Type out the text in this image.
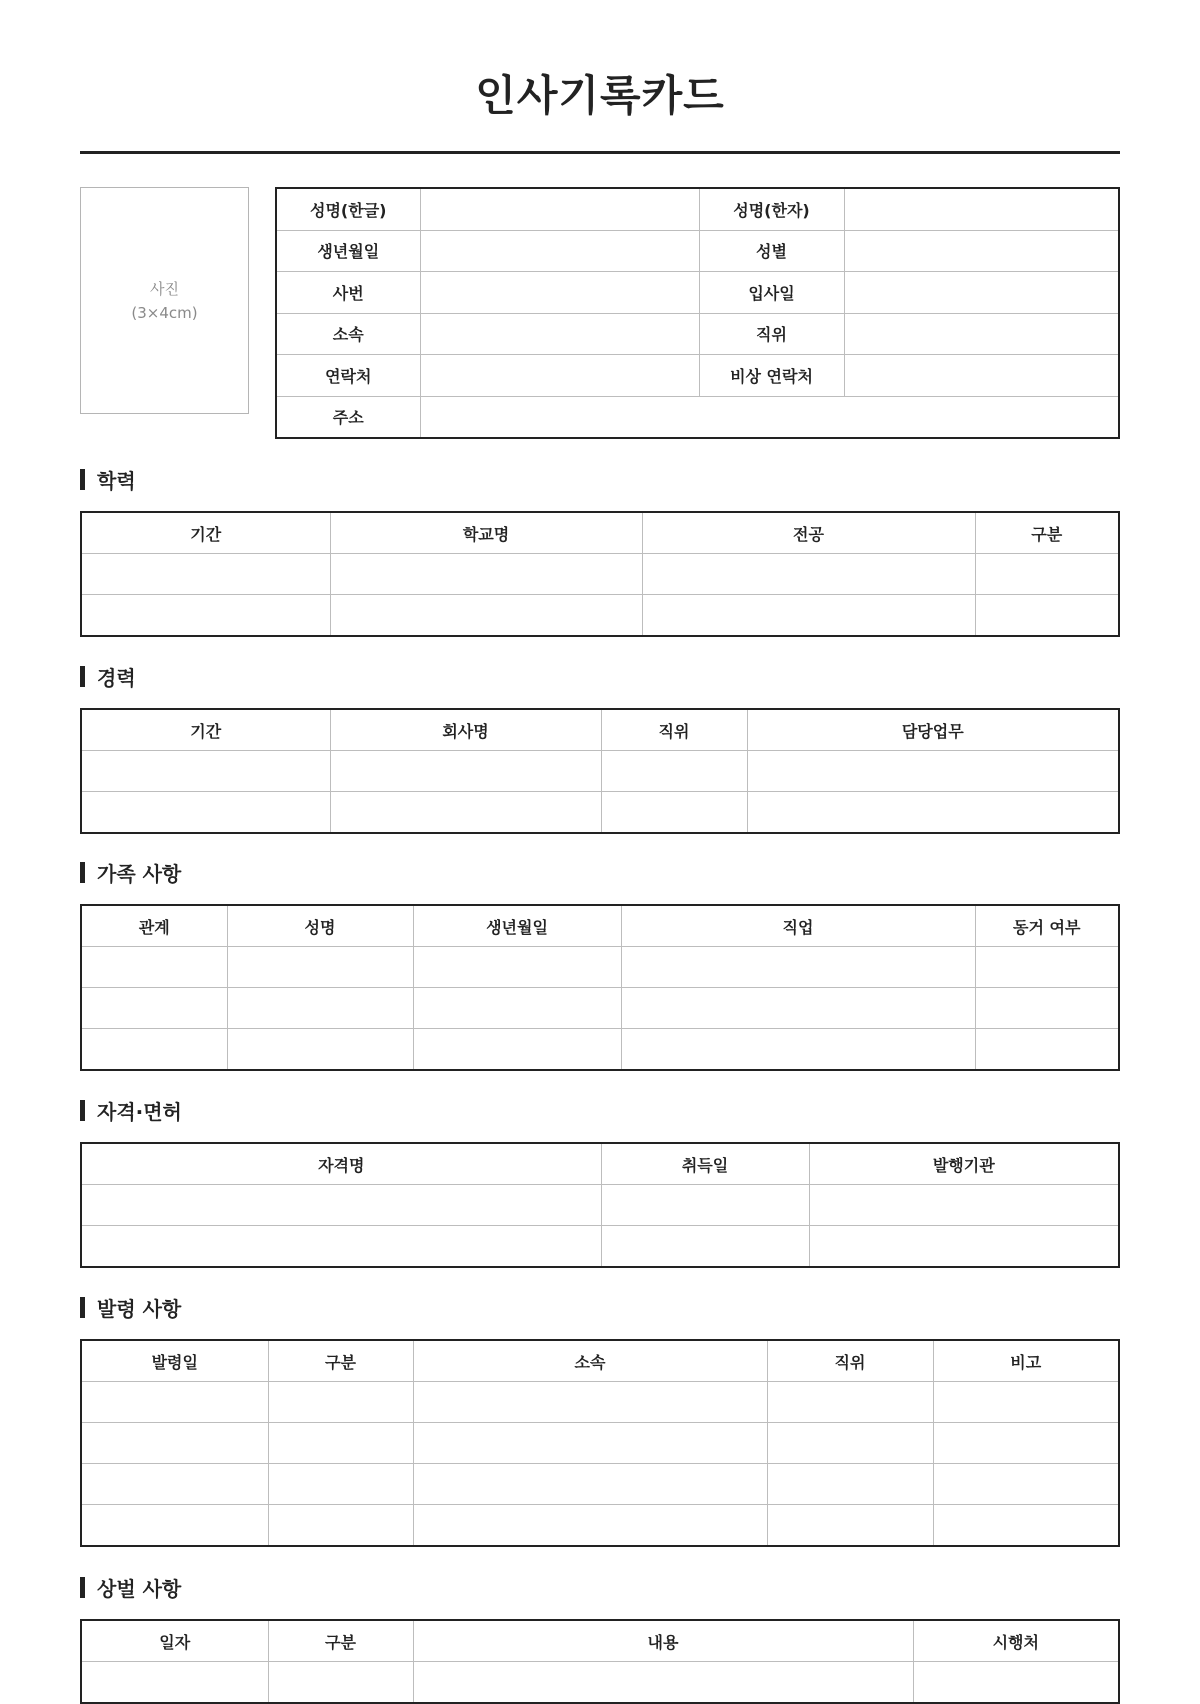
인사기록카드
사진
(3×4cm)
성명(한글)		성명(한자)	
생년월일		성별	
사번		입사일	
소속		직위	
연락처		비상 연락처	
주소			
학력
기간	학교명	전공	구분

경력
기간	회사명	직위	담당업무

가족 사항
관계	성명	생년월일	직업	동거 여부

자격·면허
자격명	취득일	발행기관

발령 사항
발령일	구분	소속	직위	비고

상벌 사항
일자	구분	내용	시행처
